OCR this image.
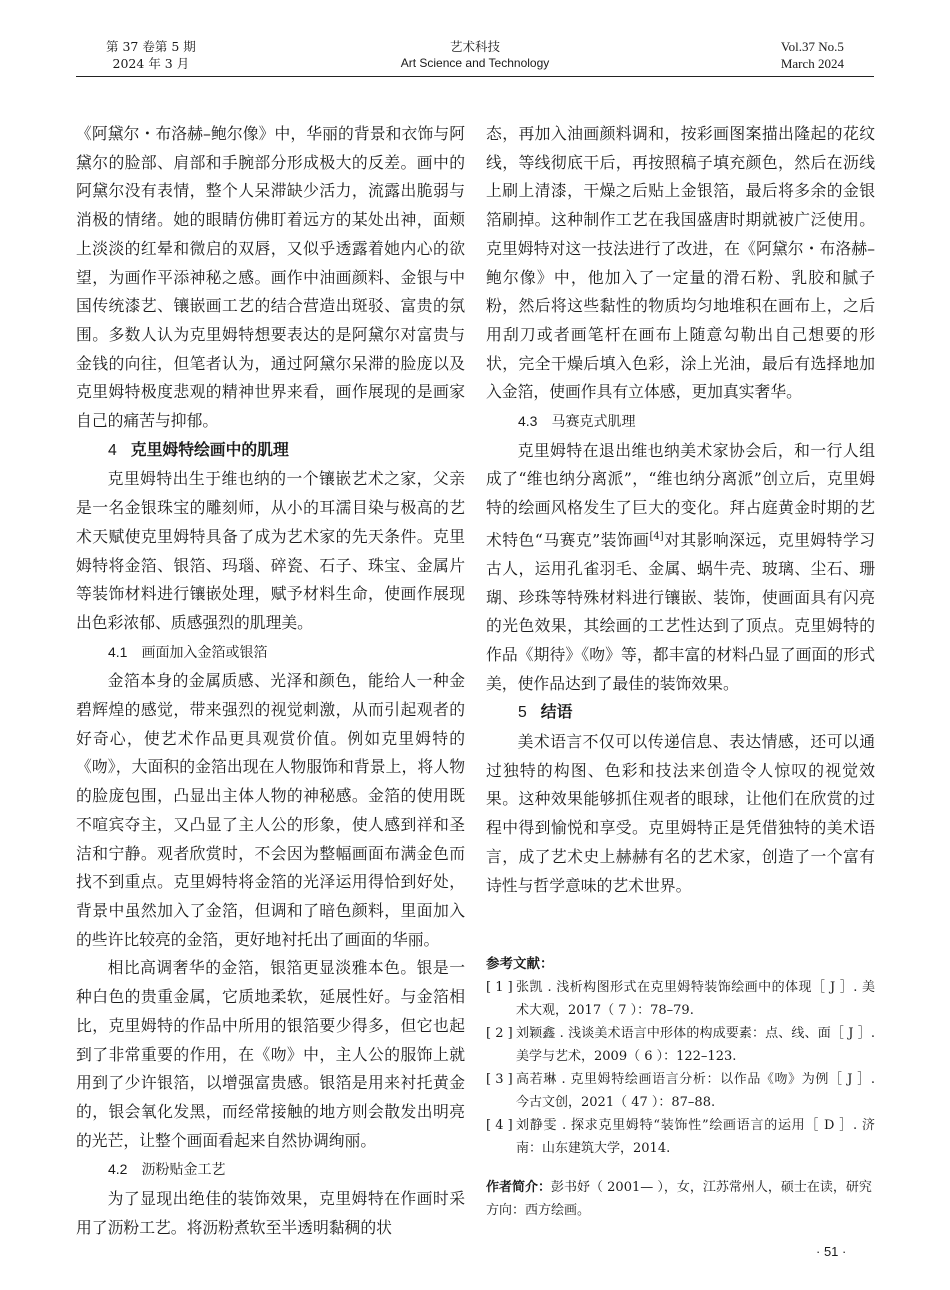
第 37 卷第 5 期
2024 年 3 月
艺术科技
Art Science and Technology
Vol.37 No.5
March 2024

《阿黛尔・布洛赫–鲍尔像》中，华丽的背景和衣饰与阿黛尔的脸部、肩部和手腕部分形成极大的反差。画中的阿黛尔没有表情，整个人呆滞缺少活力，流露出脆弱与消极的情绪。她的眼睛仿佛盯着远方的某处出神，面颊上淡淡的红晕和微启的双唇，又似乎透露着她内心的欲望，为画作平添神秘之感。画作中油画颜料、金银与中国传统漆艺、镶嵌画工艺的结合营造出斑驳、富贵的氛围。多数人认为克里姆特想要表达的是阿黛尔对富贵与金钱的向往，但笔者认为，通过阿黛尔呆滞的脸庞以及克里姆特极度悲观的精神世界来看，画作展现的是画家自己的痛苦与抑郁。

4 克里姆特绘画中的肌理

克里姆特出生于维也纳的一个镶嵌艺术之家，父亲是一名金银珠宝的雕刻师，从小的耳濡目染与极高的艺术天赋使克里姆特具备了成为艺术家的先天条件。克里姆特将金箔、银箔、玛瑙、碎瓷、石子、珠宝、金属片等装饰材料进行镶嵌处理，赋予材料生命，使画作展现出色彩浓郁、质感强烈的肌理美。

4.1 画面加入金箔或银箔

金箔本身的金属质感、光泽和颜色，能给人一种金碧辉煌的感觉，带来强烈的视觉刺激，从而引起观者的好奇心，使艺术作品更具观赏价值。例如克里姆特的《吻》，大面积的金箔出现在人物服饰和背景上，将人物的脸庞包围，凸显出主体人物的神秘感。金箔的使用既不喧宾夺主，又凸显了主人公的形象，使人感到祥和圣洁和宁静。观者欣赏时，不会因为整幅画面布满金色而找不到重点。克里姆特将金箔的光泽运用得恰到好处，背景中虽然加入了金箔，但调和了暗色颜料，里面加入的些许比较亮的金箔，更好地衬托出了画面的华丽。

相比高调奢华的金箔，银箔更显淡雅本色。银是一种白色的贵重金属，它质地柔软，延展性好。与金箔相比，克里姆特的作品中所用的银箔要少得多，但它也起到了非常重要的作用，在《吻》中，主人公的服饰上就用到了少许银箔，以增强富贵感。银箔是用来衬托黄金的，银会氧化发黑，而经常接触的地方则会散发出明亮的光芒，让整个画面看起来自然协调绚丽。

4.2 沥粉贴金工艺

为了显现出绝佳的装饰效果，克里姆特在作画时采用了沥粉工艺。将沥粉煮软至半透明黏稠的状

态，再加入油画颜料调和，按彩画图案描出隆起的花纹线，等线彻底干后，再按照稿子填充颜色，然后在沥线上刷上清漆，干燥之后贴上金银箔，最后将多余的金银箔刷掉。这种制作工艺在我国盛唐时期就被广泛使用。克里姆特对这一技法进行了改进，在《阿黛尔・布洛赫–鲍尔像》中，他加入了一定量的滑石粉、乳胶和腻子粉，然后将这些黏性的物质均匀地堆积在画布上，之后用刮刀或者画笔杆在画布上随意勾勒出自己想要的形状，完全干燥后填入色彩，涂上光油，最后有选择地加入金箔，使画作具有立体感，更加真实奢华。

4.3 马赛克式肌理

克里姆特在退出维也纳美术家协会后，和一行人组成了“维也纳分离派”，“维也纳分离派”创立后，克里姆特的绘画风格发生了巨大的变化。拜占庭黄金时期的艺术特色“马赛克”装饰画[4]对其影响深远，克里姆特学习古人，运用孔雀羽毛、金属、蜗牛壳、玻璃、尘石、珊瑚、珍珠等特殊材料进行镶嵌、装饰，使画面具有闪亮的光色效果，其绘画的工艺性达到了顶点。克里姆特的作品《期待》《吻》等，都丰富的材料凸显了画面的形式美，使作品达到了最佳的装饰效果。

5 结语

美术语言不仅可以传递信息、表达情感，还可以通过独特的构图、色彩和技法来创造令人惊叹的视觉效果。这种效果能够抓住观者的眼球，让他们在欣赏的过程中得到愉悦和享受。克里姆特正是凭借独特的美术语言，成了艺术史上赫赫有名的艺术家，创造了一个富有诗性与哲学意味的艺术世界。

参考文献：
[ 1 ] 张凯 . 浅析构图形式在克里姆特装饰绘画中的体现［ J ］. 美术大观，2017（ 7 ）：78–79.
[ 2 ] 刘颖鑫 . 浅谈美术语言中形体的构成要素：点、线、面［ J ］. 美学与艺术，2009（ 6 ）：122–123.
[ 3 ] 高若琳 . 克里姆特绘画语言分析：以作品《吻》为例［ J ］. 今古文创，2021（ 47 ）：87–88.
[ 4 ] 刘静雯 . 探求克里姆特“装饰性”绘画语言的运用［ D ］. 济南：山东建筑大学，2014.
作者简介：彭书妤（ 2001— ），女，江苏常州人，硕士在读，研究方向：西方绘画。
· 51 ·
